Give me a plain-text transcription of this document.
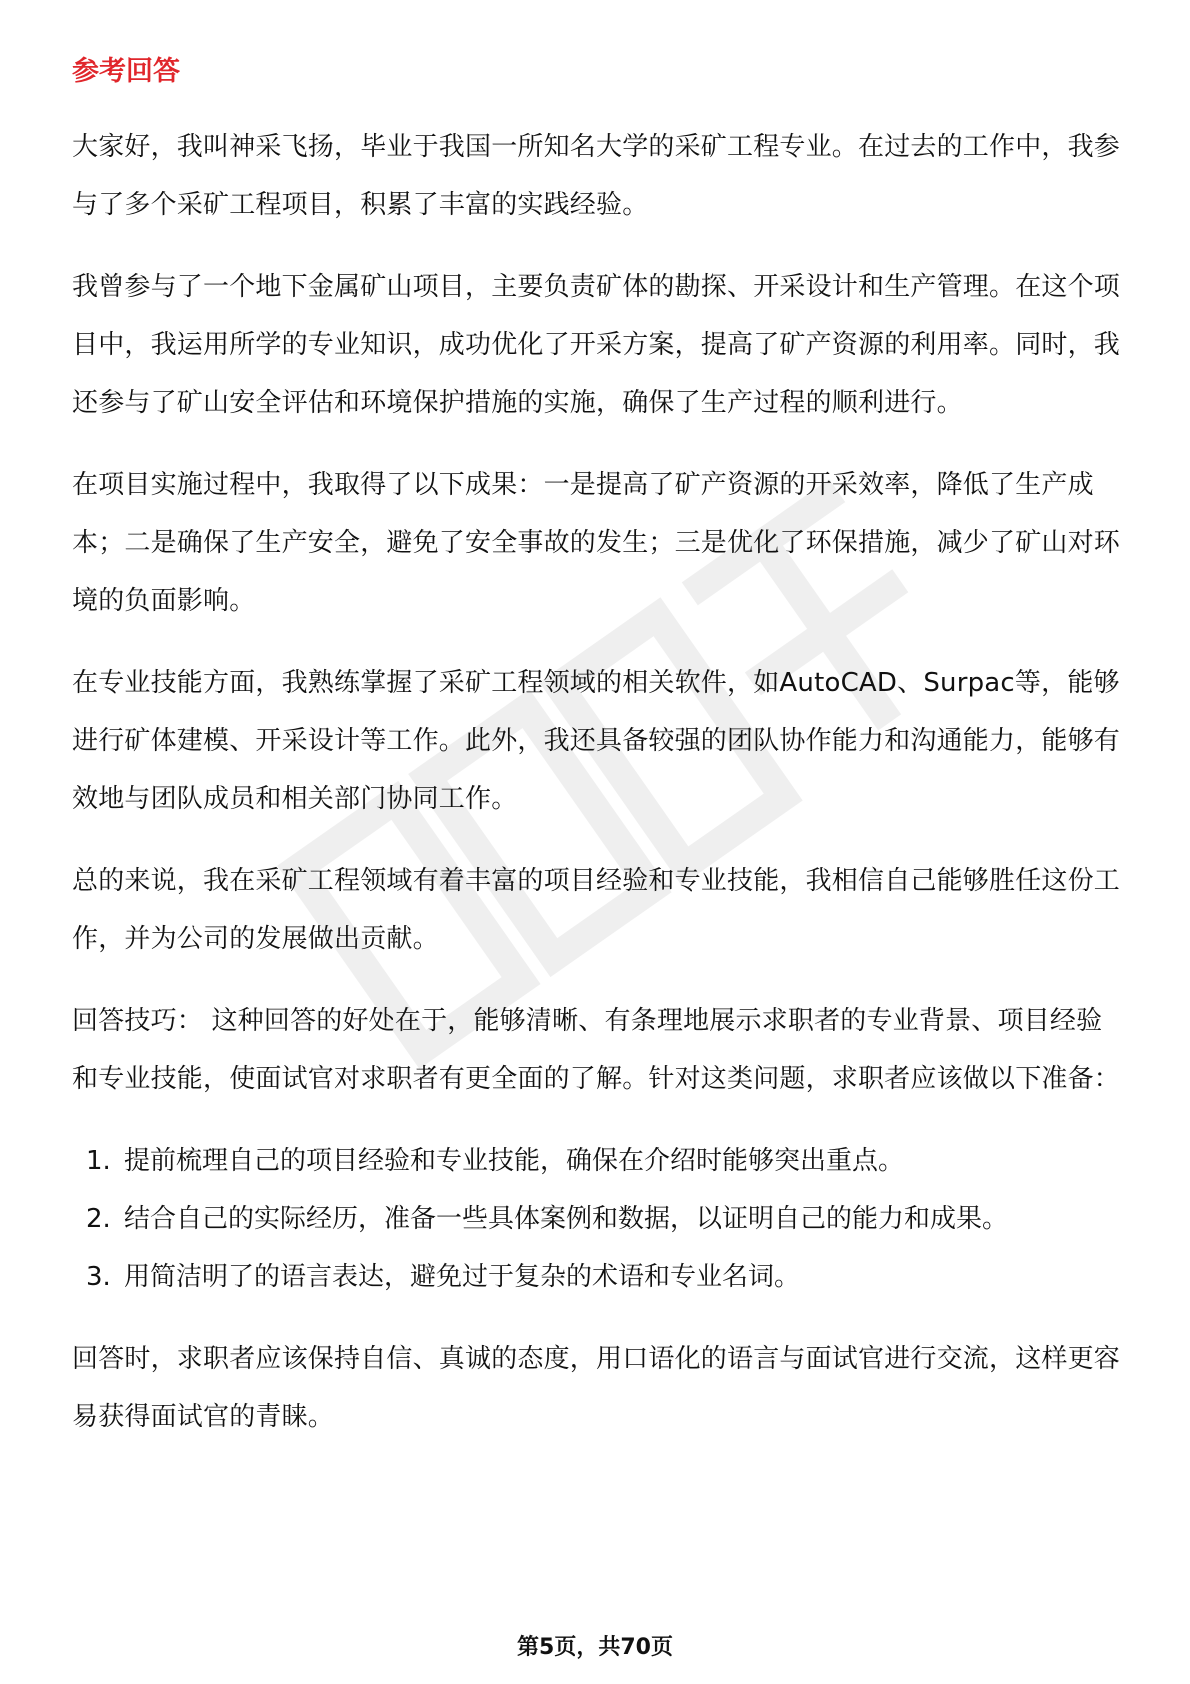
参考回答

大家好，我叫神采飞扬，毕业于我国一所知名大学的采矿工程专业。在过去的工作中，我参与了多个采矿工程项目，积累了丰富的实践经验。

我曾参与了一个地下金属矿山项目，主要负责矿体的勘探、开采设计和生产管理。在这个项目中，我运用所学的专业知识，成功优化了开采方案，提高了矿产资源的利用率。同时，我还参与了矿山安全评估和环境保护措施的实施，确保了生产过程的顺利进行。

在项目实施过程中，我取得了以下成果：一是提高了矿产资源的开采效率，降低了生产成本；二是确保了生产安全，避免了安全事故的发生；三是优化了环保措施，减少了矿山对环境的负面影响。

在专业技能方面，我熟练掌握了采矿工程领域的相关软件，如AutoCAD、Surpac等，能够进行矿体建模、开采设计等工作。此外，我还具备较强的团队协作能力和沟通能力，能够有效地与团队成员和相关部门协同工作。

总的来说，我在采矿工程领域有着丰富的项目经验和专业技能，我相信自己能够胜任这份工作，并为公司的发展做出贡献。

回答技巧： 这种回答的好处在于，能够清晰、有条理地展示求职者的专业背景、项目经验和专业技能，使面试官对求职者有更全面的了解。针对这类问题，求职者应该做以下准备：

1. 提前梳理自己的项目经验和专业技能，确保在介绍时能够突出重点。
2. 结合自己的实际经历，准备一些具体案例和数据，以证明自己的能力和成果。
3. 用简洁明了的语言表达，避免过于复杂的术语和专业名词。

回答时，求职者应该保持自信、真诚的态度，用口语化的语言与面试官进行交流，这样更容易获得面试官的青睐。

第5页，共70页
